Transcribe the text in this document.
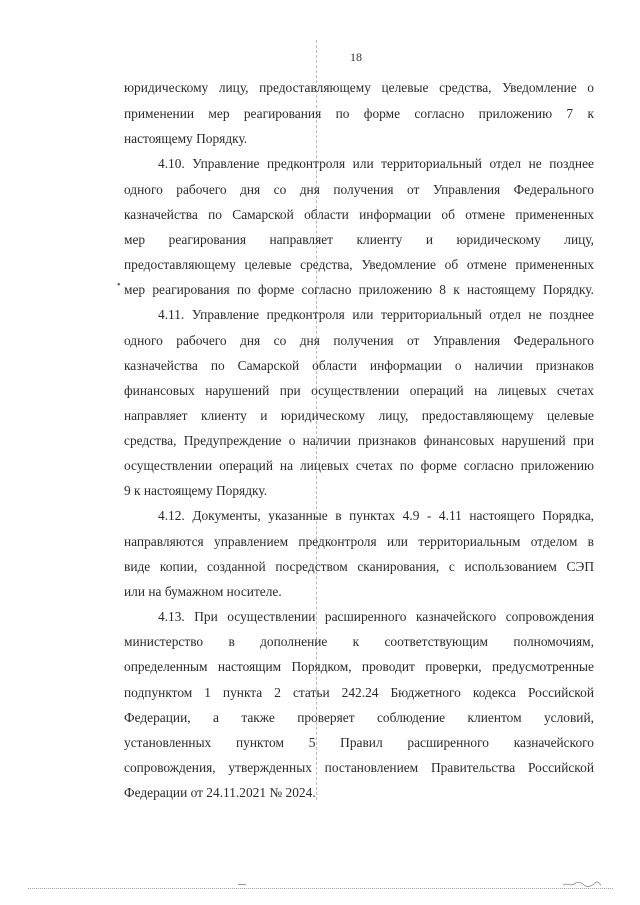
18
юридическому лицу, предоставляющему целевые средства, Уведомление о
применении мер реагирования по форме согласно приложению 7 к
настоящему Порядку.
4.10. Управление предконтроля или территориальный отдел не позднее
одного рабочего дня со дня получения от Управления Федерального
казначейства по Самарской области информации об отмене примененных
мер реагирования направляет клиенту и юридическому лицу,
предоставляющему целевые средства, Уведомление об отмене примененных
• мер реагирования по форме согласно приложению 8 к настоящему Порядку.
4.11. Управление предконтроля или территориальный отдел не позднее
одного рабочего дня со дня получения от Управления Федерального
казначейства по Самарской области информации о наличии признаков
финансовых нарушений при осуществлении операций на лицевых счетах
направляет клиенту и юридическому лицу, предоставляющему целевые
средства, Предупреждение о наличии признаков финансовых нарушений при
осуществлении операций на лицевых счетах по форме согласно приложению
9 к настоящему Порядку.
4.12. Документы, указанные в пунктах 4.9 - 4.11 настоящего Порядка,
направляются управлением предконтроля или территориальным отделом в
виде копии, созданной посредством сканирования, с использованием СЭП
или на бумажном носителе.
4.13. При осуществлении расширенного казначейского сопровождения
министерство в дополнение к соответствующим полномочиям,
определенным настоящим Порядком, проводит проверки, предусмотренные
подпунктом 1 пункта 2 статьи 242.24 Бюджетного кодекса Российской
Федерации, а также проверяет соблюдение клиентом условий,
установленных пунктом 5 Правил расширенного казначейского
сопровождения, утвержденных постановлением Правительства Российской
Федерации от 24.11.2021 № 2024.
